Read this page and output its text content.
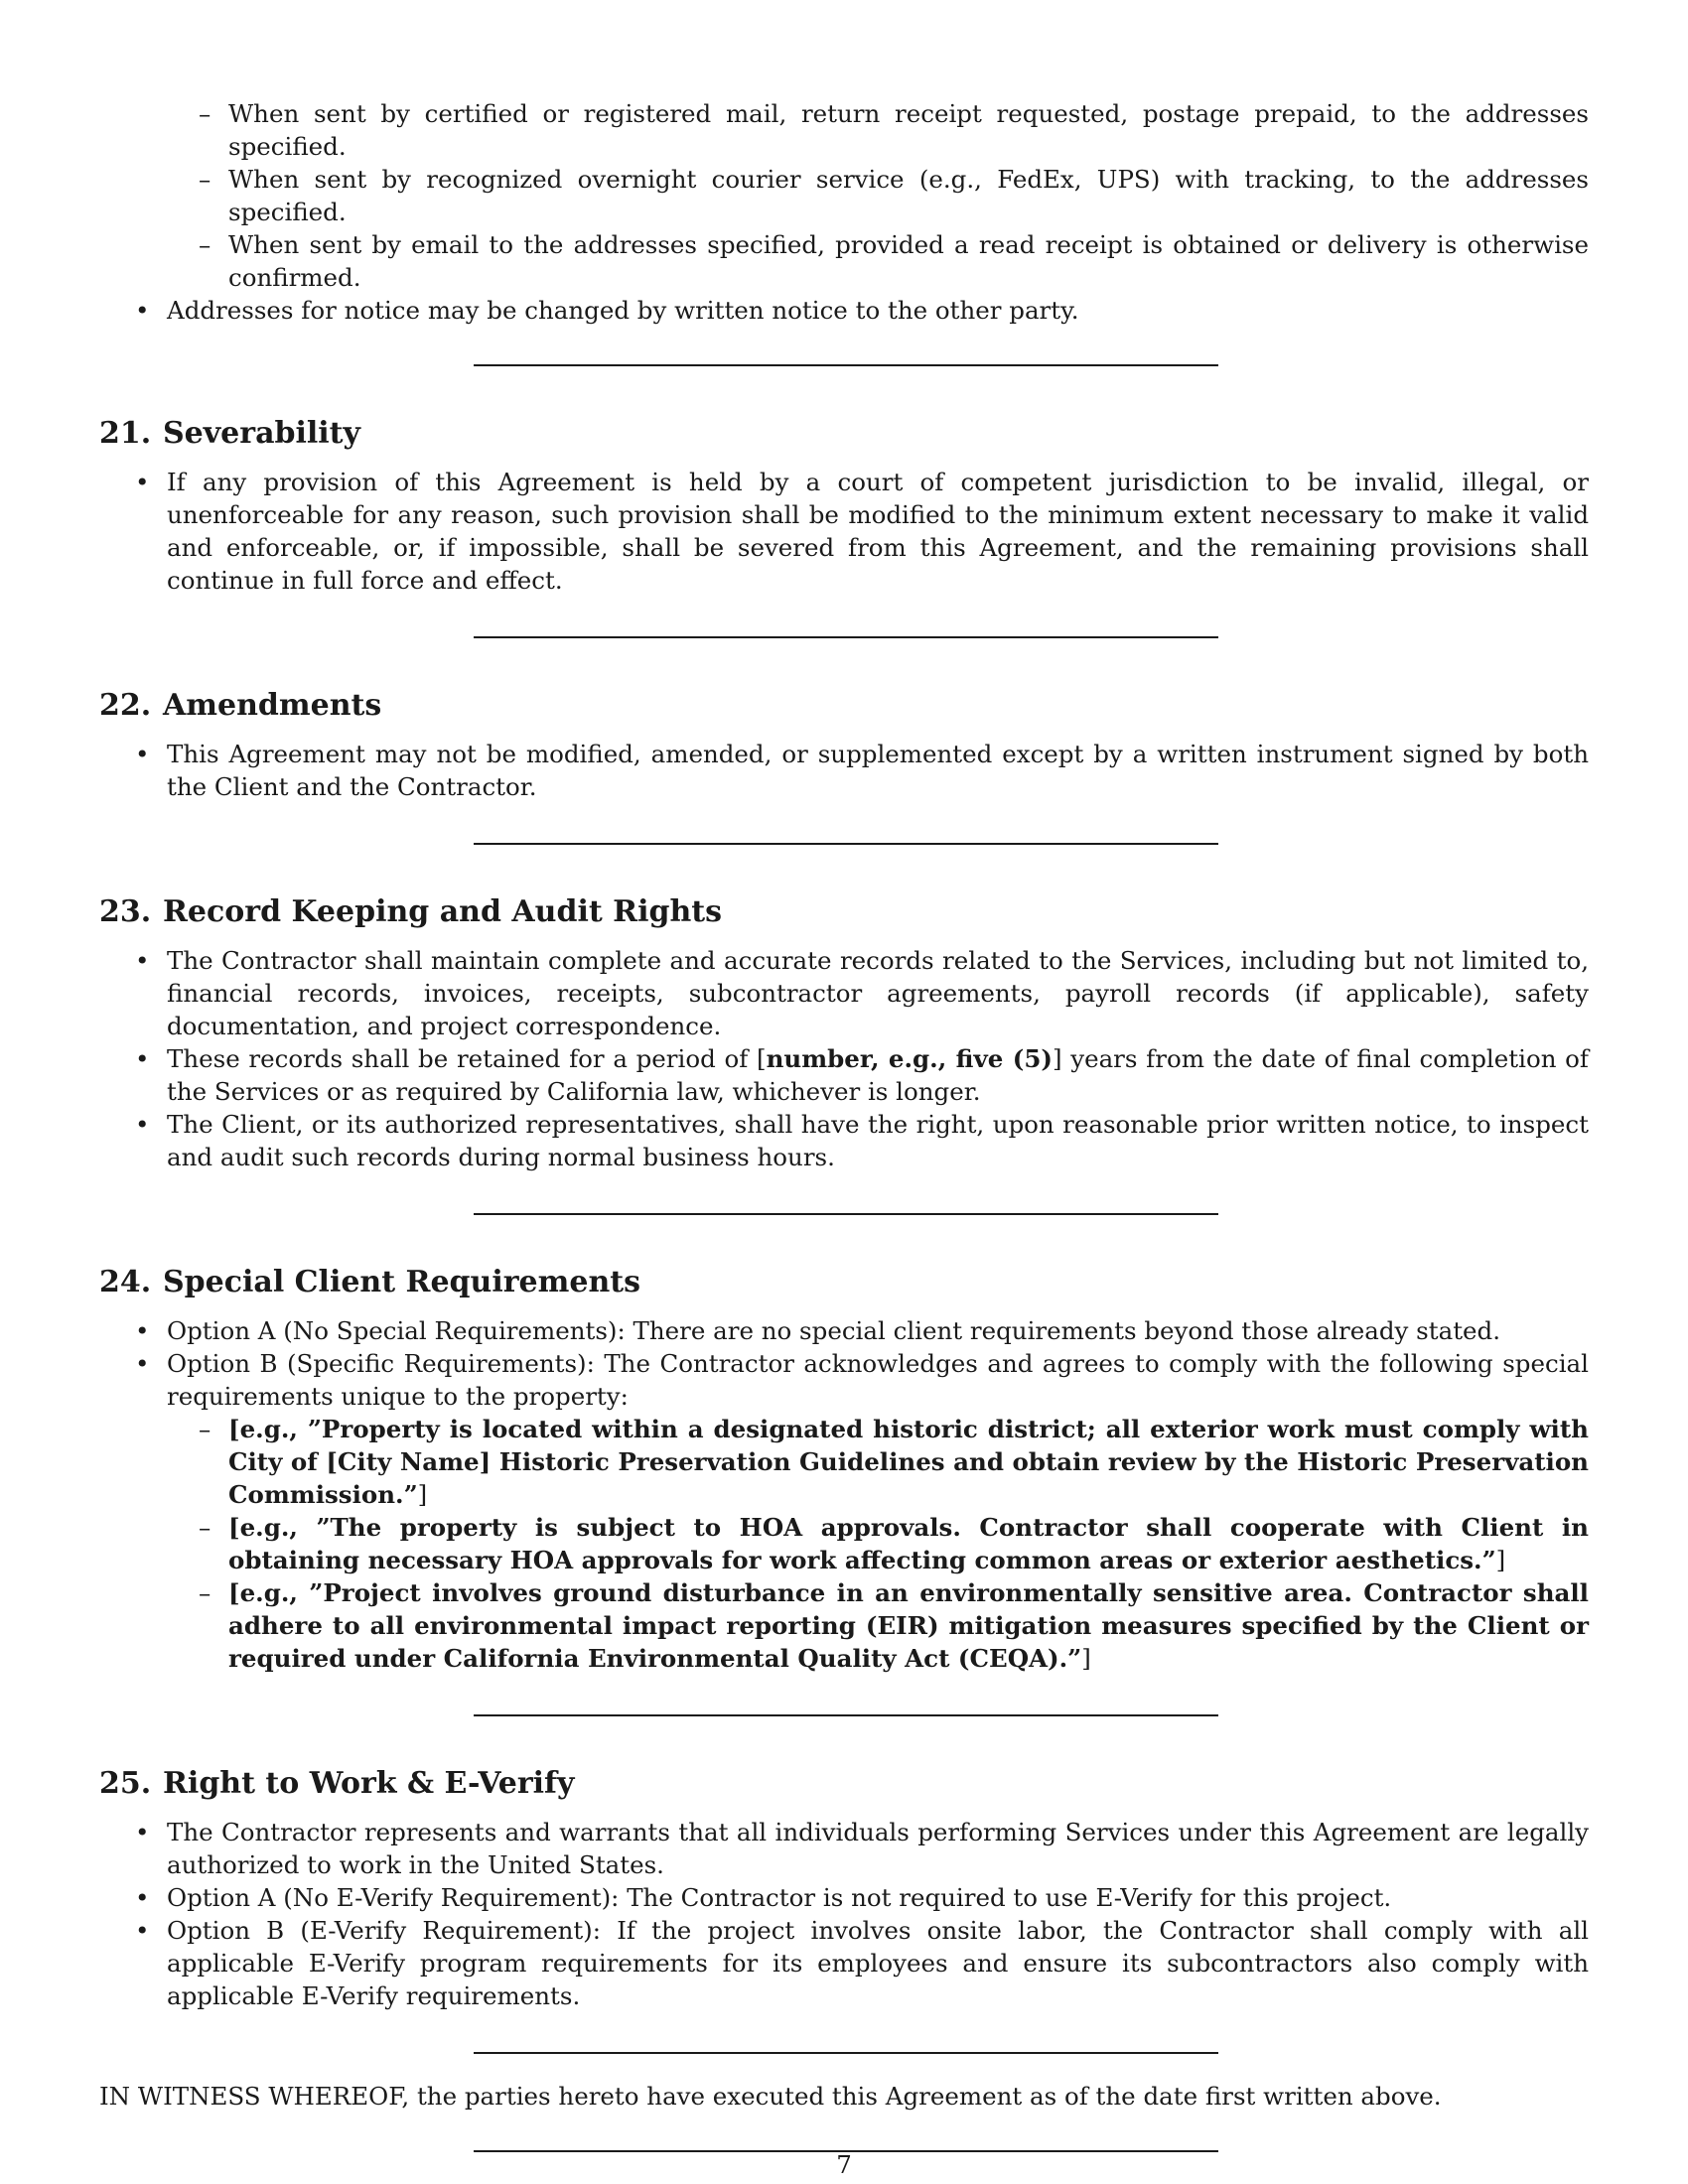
– When sent by certified or registered mail, return receipt requested, postage prepaid, to the addresses specified.
– When sent by recognized overnight courier service (e.g., FedEx, UPS) with tracking, to the addresses specified.
– When sent by email to the addresses specified, provided a read receipt is obtained or delivery is otherwise confirmed.
• Addresses for notice may be changed by written notice to the other party.
21. Severability
• If any provision of this Agreement is held by a court of competent jurisdiction to be invalid, illegal, or unenforceable for any reason, such provision shall be modified to the minimum extent necessary to make it valid and enforceable, or, if impossible, shall be severed from this Agreement, and the remaining provisions shall continue in full force and effect.
22. Amendments
• This Agreement may not be modified, amended, or supplemented except by a written instrument signed by both the Client and the Contractor.
23. Record Keeping and Audit Rights
• The Contractor shall maintain complete and accurate records related to the Services, including but not limited to, financial records, invoices, receipts, subcontractor agreements, payroll records (if applicable), safety documentation, and project correspondence.
• These records shall be retained for a period of [number, e.g., five (5)] years from the date of final completion of the Services or as required by California law, whichever is longer.
• The Client, or its authorized representatives, shall have the right, upon reasonable prior written notice, to inspect and audit such records during normal business hours.
24. Special Client Requirements
• Option A (No Special Requirements): There are no special client requirements beyond those already stated.
• Option B (Specific Requirements): The Contractor acknowledges and agrees to comply with the following special requirements unique to the property:
– [e.g., ”Property is located within a designated historic district; all exterior work must comply with City of [City Name] Historic Preservation Guidelines and obtain review by the Historic Preservation Commission.”]
– [e.g., ”The property is subject to HOA approvals. Contractor shall cooperate with Client in obtaining necessary HOA approvals for work affecting common areas or exterior aesthetics.”]
– [e.g., ”Project involves ground disturbance in an environmentally sensitive area. Contractor shall adhere to all environmental impact reporting (EIR) mitigation measures specified by the Client or required under California Environmental Quality Act (CEQA).”]
25. Right to Work & E-Verify
• The Contractor represents and warrants that all individuals performing Services under this Agreement are legally authorized to work in the United States.
• Option A (No E-Verify Requirement): The Contractor is not required to use E-Verify for this project.
• Option B (E-Verify Requirement): If the project involves onsite labor, the Contractor shall comply with all applicable E-Verify program requirements for its employees and ensure its subcontractors also comply with applicable E-Verify requirements.

IN WITNESS WHEREOF, the parties hereto have executed this Agreement as of the date first written above.

7
